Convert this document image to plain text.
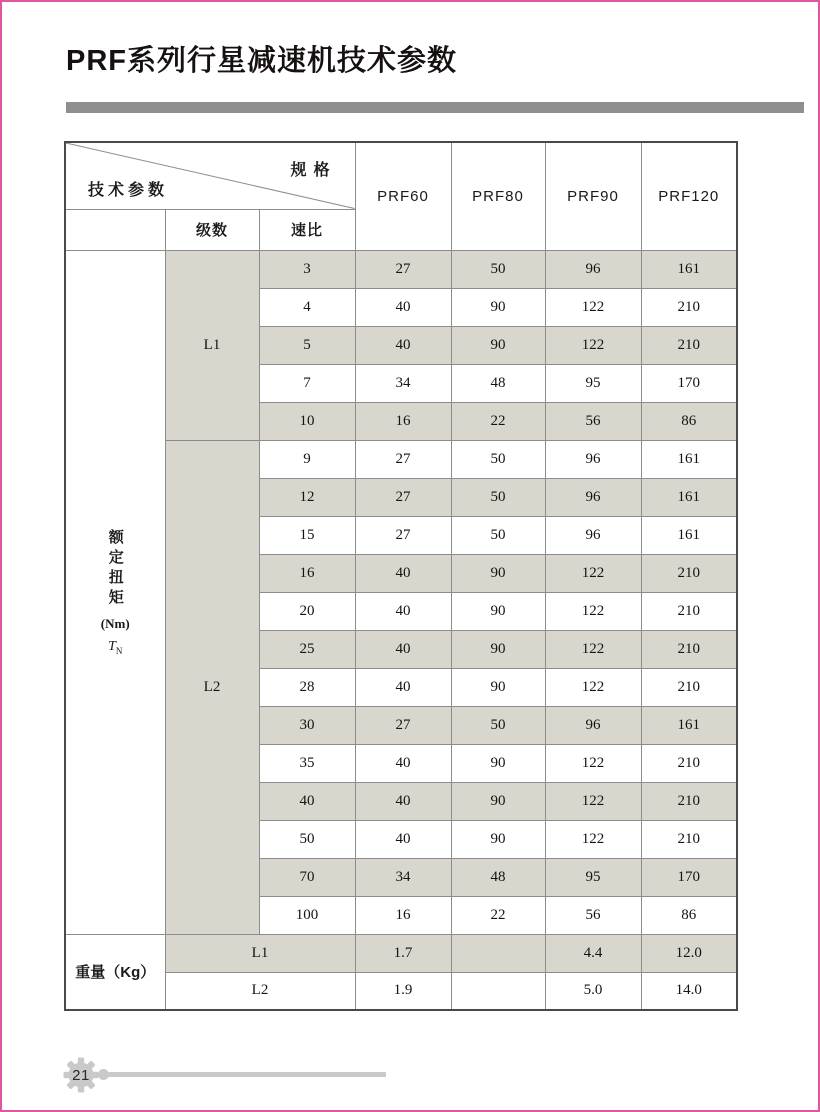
PRF系列行星减速机技术参数
规格
技术参数			PRF60	PRF80	PRF90	PRF120
	级数	速比				

额定扭矩
(Nm)
$T_N$	L1	3	27	50	96	161
		4	40	90	122	210
		5	40	90	122	210
		7	34	48	95	170
		10	16	22	56	86
	L2	9	27	50	96	161
		12	27	50	96	161
		15	27	50	96	161
		16	40	90	122	210
		20	40	90	122	210
		25	40	90	122	210
		28	40	90	122	210
		30	27	50	96	161
		35	40	90	122	210
		40	40	90	122	210
		50	40	90	122	210
		70	34	48	95	170
		100	16	22	56	86
重量（Kg）	L1		1.7		4.4	12.0
	L2		1.9		5.0	14.0
21
